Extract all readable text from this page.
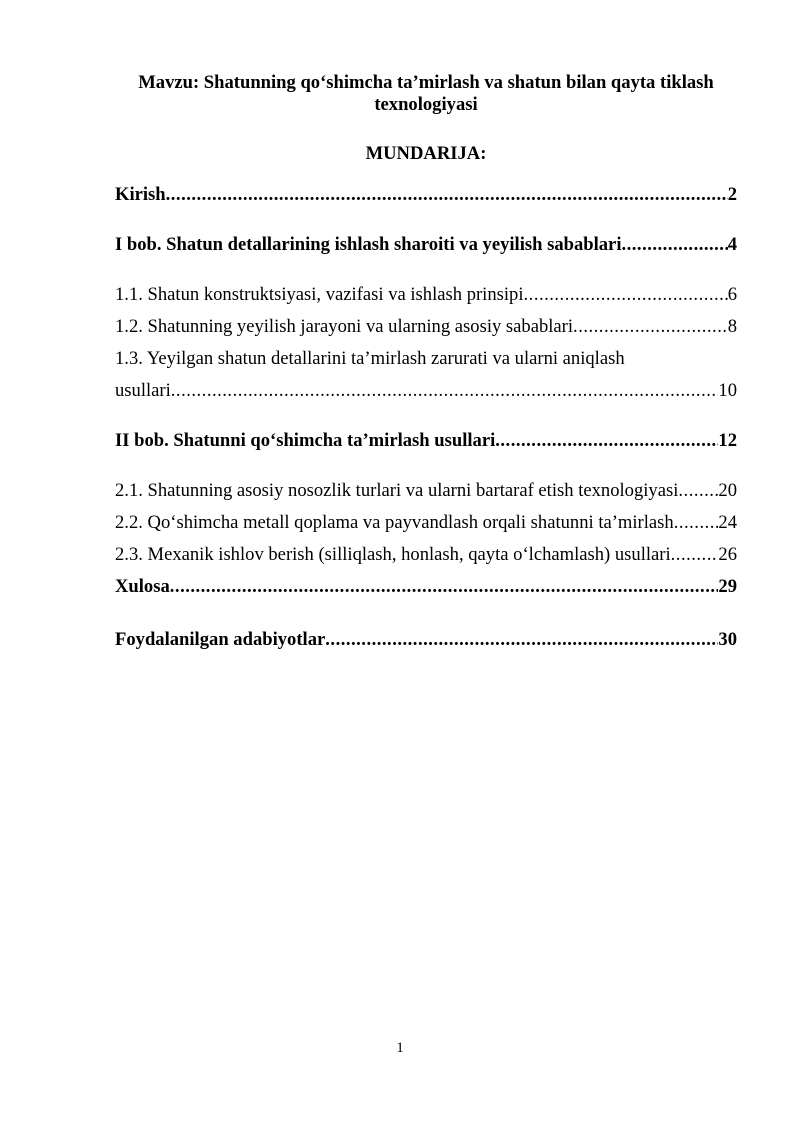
Mavzu: Shatunning qo‘shimcha ta’mirlash va shatun bilan qayta tiklash
texnologiyasi
MUNDARIJA:
Kirish .....	2
I bob. Shatun detallarining ishlash sharoiti va yeyilish sabablari .....	4
1.1. Shatun konstruktsiyasi, vazifasi va ishlash prinsipi .....	6
1.2. Shatunning yeyilish jarayoni va ularning asosiy sabablari .....	8
1.3. Yeyilgan shatun detallarini ta’mirlash zarurati va ularni aniqlash
usullari .....	10
II bob. Shatunni qo‘shimcha ta’mirlash usullari .....	12
2.1. Shatunning asosiy nosozlik turlari va ularni bartaraf etish texnologiyasi ..... 20
2.2. Qo‘shimcha metall qoplama va payvandlash orqali shatunni ta’mirlash ..... 24
2.3. Mexanik ishlov berish (silliqlash, honlash, qayta o‘lchamlash) usullari .....	26
Xulosa .....	29
Foydalanilgan adabiyotlar .....	30
1
